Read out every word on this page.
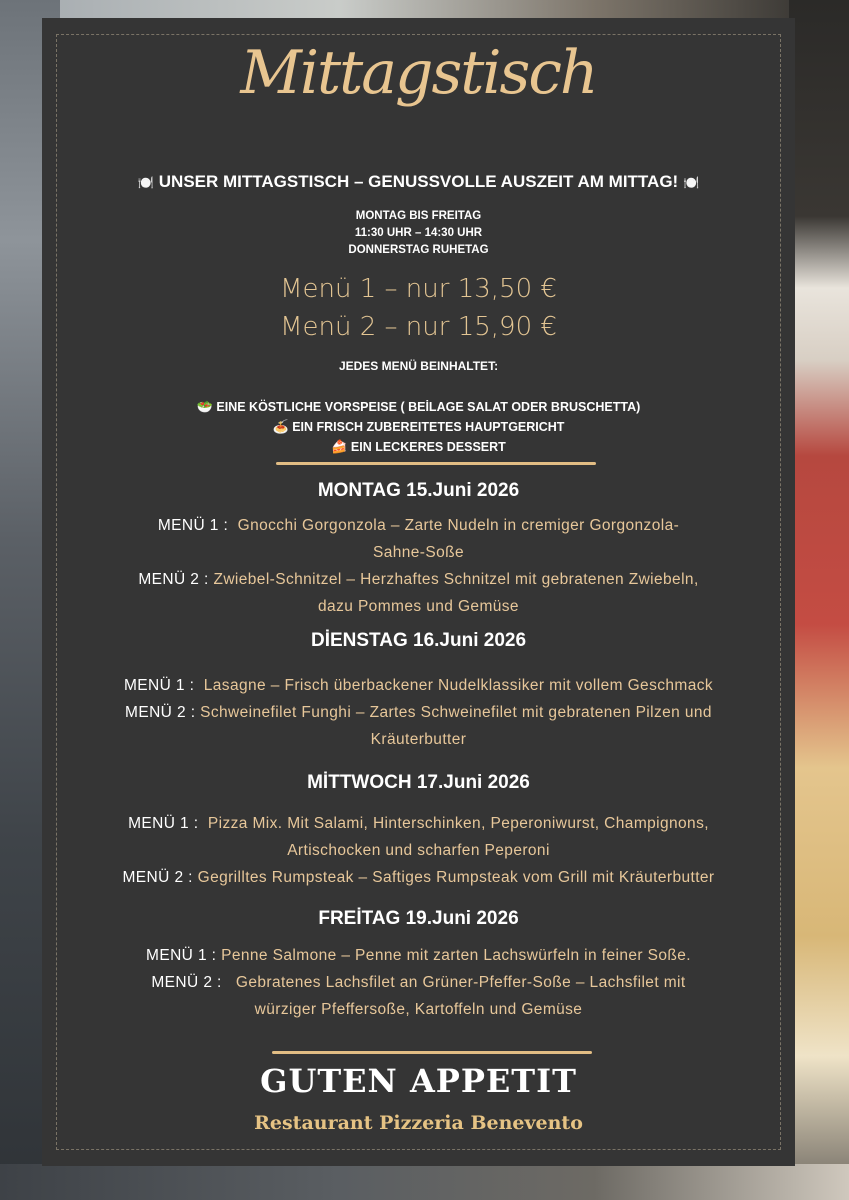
Mittagstisch
🍽️ UNSER MITTAGSTISCH – GENUSSVOLLE AUSZEIT AM MITTAG! 🍽️
MONTAG BIS FREITAG
11:30 UHR – 14:30 UHR
DONNERSTAG RUHETAG
Menü 1 – nur 13,50 €
Menü 2 – nur 15,90 €
JEDES MENÜ BEINHALTET:
🥗 EINE KÖSTLICHE VORSPEISE ( BEİLAGE SALAT ODER BRUSCHETTA)
🍝 EIN FRISCH ZUBEREITETES HAUPTGERICHT
🍰 EIN LECKERES DESSERT
MONTAG 15.Juni 2026
MENÜ 1 : Gnocchi Gorgonzola – Zarte Nudeln in cremiger Gorgonzola-
Sahne-Soße
MENÜ 2 : Zwiebel-Schnitzel – Herzhaftes Schnitzel mit gebratenen Zwiebeln,
dazu Pommes und Gemüse
DİENSTAG 16.Juni 2026
MENÜ 1 : Lasagne – Frisch überbackener Nudelklassiker mit vollem Geschmack
MENÜ 2 : Schweinefilet Funghi – Zartes Schweinefilet mit gebratenen Pilzen und
Kräuterbutter
MİTTWOCH 17.Juni 2026
MENÜ 1 : Pizza Mix. Mit Salami, Hinterschinken, Peperoniwurst, Champignons,
Artischocken und scharfen Peperoni
MENÜ 2 : Gegrilltes Rumpsteak – Saftiges Rumpsteak vom Grill mit Kräuterbutter
FREİTAG 19.Juni 2026
MENÜ 1 : Penne Salmone – Penne mit zarten Lachswürfeln in feiner Soße.
MENÜ 2 : Gebratenes Lachsfilet an Grüner-Pfeffer-Soße – Lachsfilet mit
würziger Pfeffersoße, Kartoffeln und Gemüse
GUTEN APPETIT
Restaurant Pizzeria Benevento
